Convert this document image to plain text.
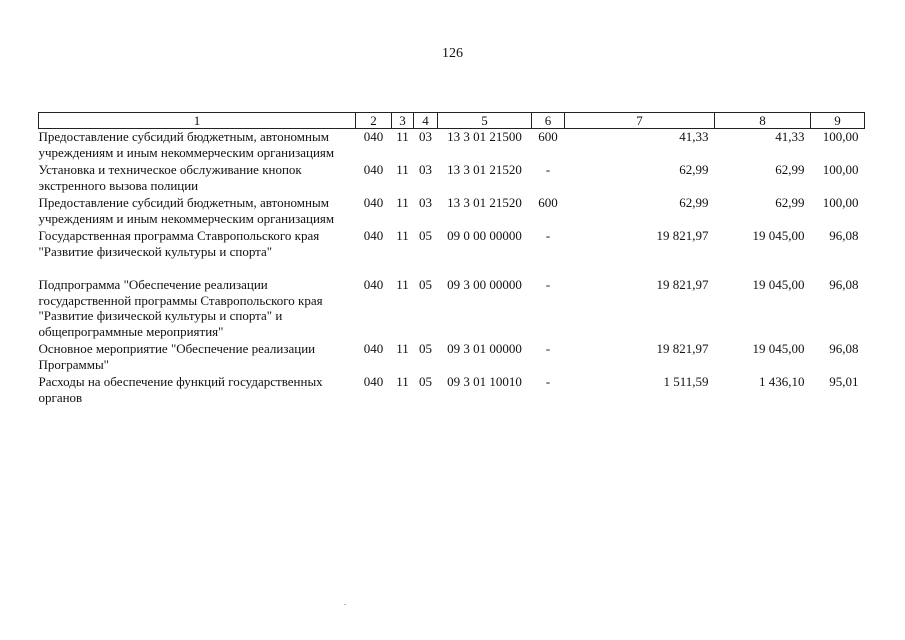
126
1	2	3	4	5	6	7	8	9
Предоставление субсидий бюджетным, автономным учреждениям и иным некоммерческим организациям	040	11	03	13 3 01 21500	600	41,33	41,33	100,00
Установка и техническое обслуживание кнопок экстренного вызова полиции	040	11	03	13 3 01 21520	-	62,99	62,99	100,00
Предоставление субсидий бюджетным, автономным учреждениям и иным некоммерческим организациям	040	11	03	13 3 01 21520	600	62,99	62,99	100,00
Государственная программа Ставропольского края "Развитие физической культуры и спорта"	040	11	05	09 0 00 00000	-	19 821,97	19 045,00	96,08
Подпрограмма "Обеспечение реализации государственной программы Ставропольского края "Развитие физической культуры и спорта" и общепрограммные мероприятия"	040	11	05	09 3 00 00000	-	19 821,97	19 045,00	96,08
Основное мероприятие "Обеспечение реализации Программы"	040	11	05	09 3 01 00000	-	19 821,97	19 045,00	96,08
Расходы на обеспечение функций государственных органов	040	11	05	09 3 01 10010	-	1 511,59	1 436,10	95,01
